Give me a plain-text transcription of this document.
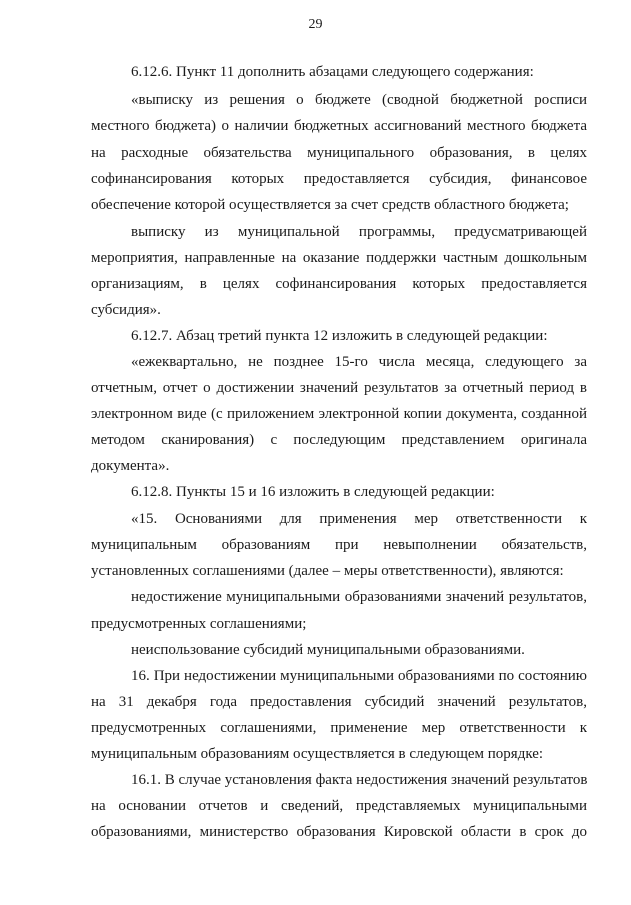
29
6.12.6. Пункт 11 дополнить абзацами следующего содержания:
«выписку из решения о бюджете (сводной бюджетной росписи
местного бюджета) о наличии бюджетных ассигнований местного бюджета
на расходные обязательства муниципального образования, в целях
софинансирования которых предоставляется субсидия, финансовое
обеспечение которой осуществляется за счет средств областного бюджета;
выписку из муниципальной программы, предусматривающей
мероприятия, направленные на оказание поддержки частным дошкольным
организациям, в целях софинансирования которых предоставляется
субсидия».
6.12.7. Абзац третий пункта 12 изложить в следующей редакции:
«ежеквартально, не позднее 15-го числа месяца, следующего за
отчетным, отчет о достижении значений результатов за отчетный период в
электронном виде (с приложением электронной копии документа, созданной
методом сканирования) с последующим представлением оригинала
документа».
6.12.8. Пункты 15 и 16 изложить в следующей редакции:
«15. Основаниями для применения мер ответственности к
муниципальным образованиям при невыполнении обязательств,
установленных соглашениями (далее – меры ответственности), являются:
недостижение муниципальными образованиями значений результатов,
предусмотренных соглашениями;
неиспользование субсидий муниципальными образованиями.
16. При недостижении муниципальными образованиями по состоянию
на 31 декабря года предоставления субсидий значений результатов,
предусмотренных соглашениями, применение мер ответственности к
муниципальным образованиям осуществляется в следующем порядке:
16.1. В случае установления факта недостижения значений результатов
на основании отчетов и сведений, представляемых муниципальными
образованиями, министерство образования Кировской области в срок до
